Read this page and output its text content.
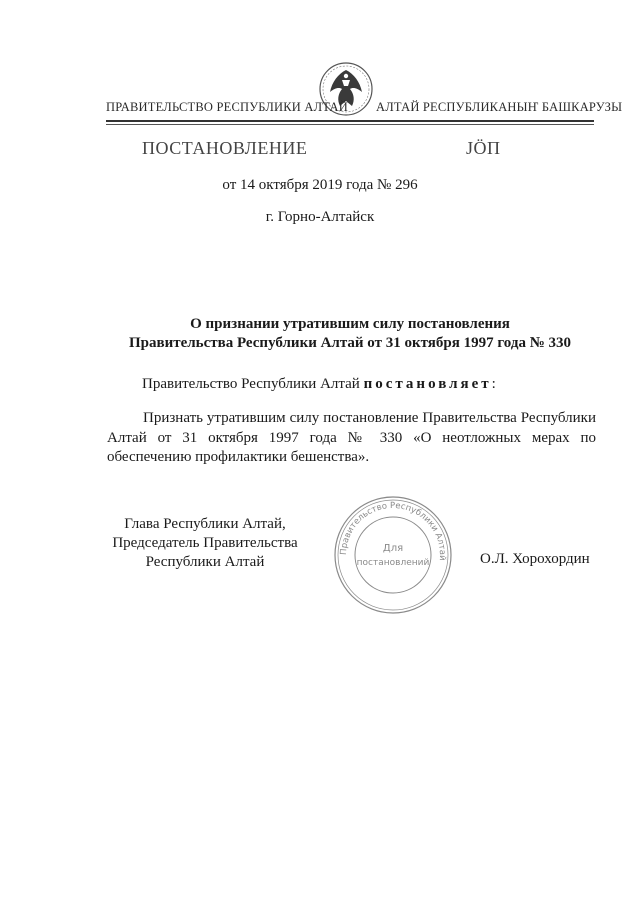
ПРАВИТЕЛЬСТВО РЕСПУБЛИКИ АЛТАЙ АЛТАЙ РЕСПУБЛИКАНЫҤ БАШКАРУЗЫ
ПОСТАНОВЛЕНИЕ	ЈÖП
от 14 октября 2019 года № 296
г. Горно-Алтайск
О признании утратившим силу постановления
Правительства Республики Алтай от 31 октября 1997 года № 330
Правительство Республики Алтай постановляет:
Признать утратившим силу постановление Правительства Республики Алтай от 31 октября 1997 года № 330 «О неотложных мерах по обеспечению профилактики бешенства».
Глава Республики Алтай,
Председатель Правительства
Республики Алтай
Правительство Республики Алтай
Для
постановлений	О.Л. Хорохордин
